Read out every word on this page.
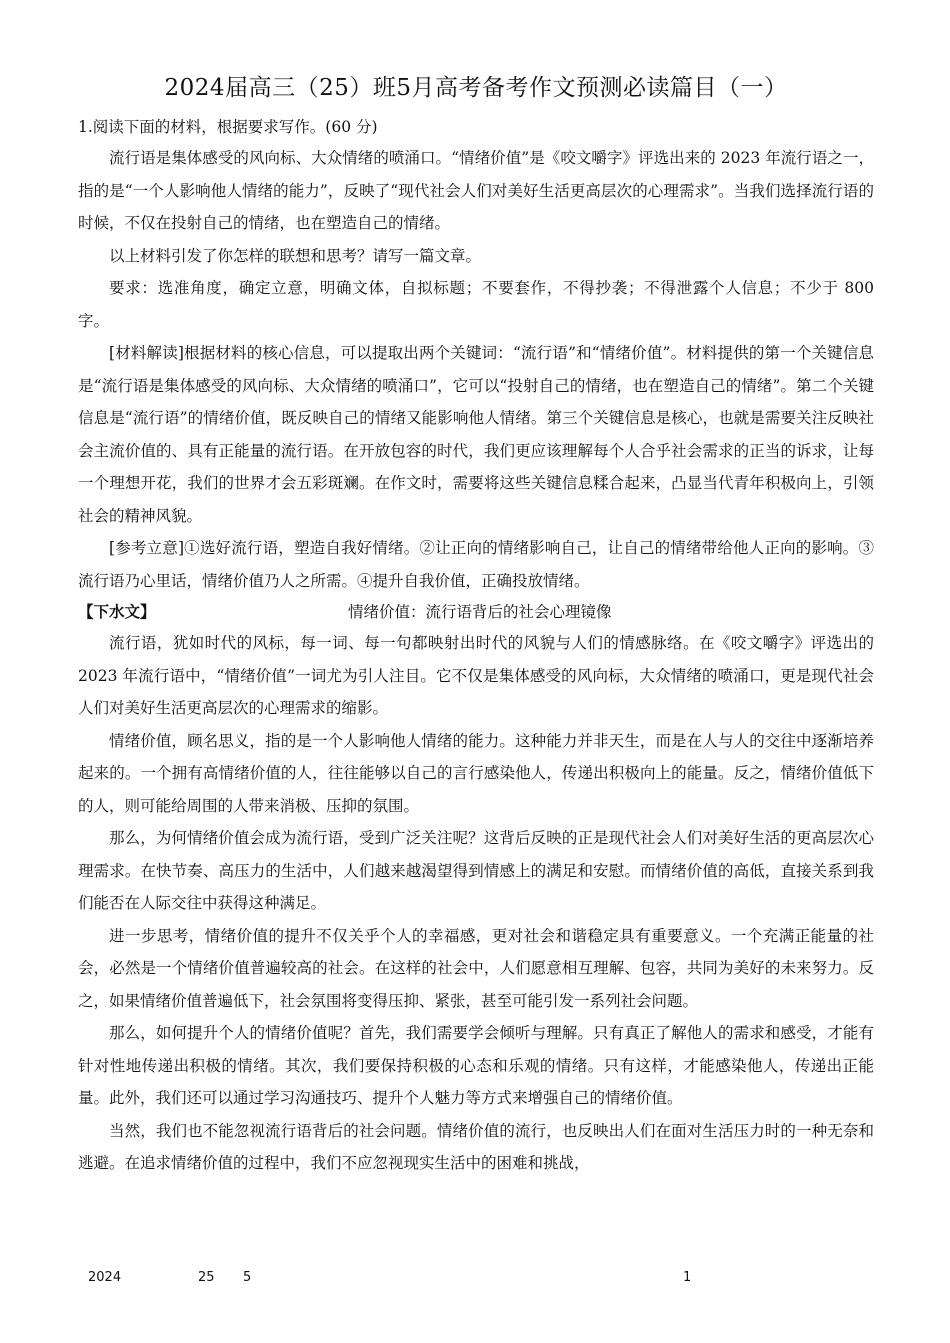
2024届高三（25）班5月高考备考作文预测必读篇目（一）

1.阅读下面的材料，根据要求写作。(60 分)

流行语是集体感受的风向标、大众情绪的喷涌口。“情绪价值”是《咬文嚼字》评选出来的 2023 年流行语之一，指的是“一个人影响他人情绪的能力”，反映了“现代社会人们对美好生活更高层次的心理需求”。当我们选择流行语的时候，不仅在投射自己的情绪，也在塑造自己的情绪。

以上材料引发了你怎样的联想和思考？请写一篇文章。

要求：选准角度，确定立意，明确文体，自拟标题；不要套作，不得抄袭；不得泄露个人信息；不少于 800 字。

[材料解读]根据材料的核心信息，可以提取出两个关键词：“流行语”和“情绪价值”。材料提供的第一个关键信息是“流行语是集体感受的风向标、大众情绪的喷涌口”，它可以“投射自己的情绪，也在塑造自己的情绪”。第二个关键信息是“流行语”的情绪价值，既反映自己的情绪又能影响他人情绪。第三个关键信息是核心，也就是需要关注反映社会主流价值的、具有正能量的流行语。在开放包容的时代，我们更应该理解每个人合乎社会需求的正当的诉求，让每一个理想开花，我们的世界才会五彩斑斓。在作文时，需要将这些关键信息糅合起来，凸显当代青年积极向上，引领社会的精神风貌。

[参考立意]①选好流行语，塑造自我好情绪。②让正向的情绪影响自己，让自己的情绪带给他人正向的影响。③流行语乃心里话，情绪价值乃人之所需。④提升自我价值，正确投放情绪。

【下水文】	情绪价值：流行语背后的社会心理镜像

流行语，犹如时代的风标，每一词、每一句都映射出时代的风貌与人们的情感脉络。在《咬文嚼字》评选出的 2023 年流行语中，“情绪价值”一词尤为引人注目。它不仅是集体感受的风向标，大众情绪的喷涌口，更是现代社会人们对美好生活更高层次的心理需求的缩影。

情绪价值，顾名思义，指的是一个人影响他人情绪的能力。这种能力并非天生，而是在人与人的交往中逐渐培养起来的。一个拥有高情绪价值的人，往往能够以自己的言行感染他人，传递出积极向上的能量。反之，情绪价值低下的人，则可能给周围的人带来消极、压抑的氛围。

那么，为何情绪价值会成为流行语，受到广泛关注呢？这背后反映的正是现代社会人们对美好生活的更高层次心理需求。在快节奏、高压力的生活中，人们越来越渴望得到情感上的满足和安慰。而情绪价值的高低，直接关系到我们能否在人际交往中获得这种满足。

进一步思考，情绪价值的提升不仅关乎个人的幸福感，更对社会和谐稳定具有重要意义。一个充满正能量的社会，必然是一个情绪价值普遍较高的社会。在这样的社会中，人们愿意相互理解、包容，共同为美好的未来努力。反之，如果情绪价值普遍低下，社会氛围将变得压抑、紧张，甚至可能引发一系列社会问题。

那么，如何提升个人的情绪价值呢？首先，我们需要学会倾听与理解。只有真正了解他人的需求和感受，才能有针对性地传递出积极的情绪。其次，我们要保持积极的心态和乐观的情绪。只有这样，才能感染他人，传递出正能量。此外，我们还可以通过学习沟通技巧、提升个人魅力等方式来增强自己的情绪价值。

当然，我们也不能忽视流行语背后的社会问题。情绪价值的流行，也反映出人们在面对生活压力时的一种无奈和逃避。在追求情绪价值的过程中，我们不应忽视现实生活中的困难和挑战，

2024	25 5	1
